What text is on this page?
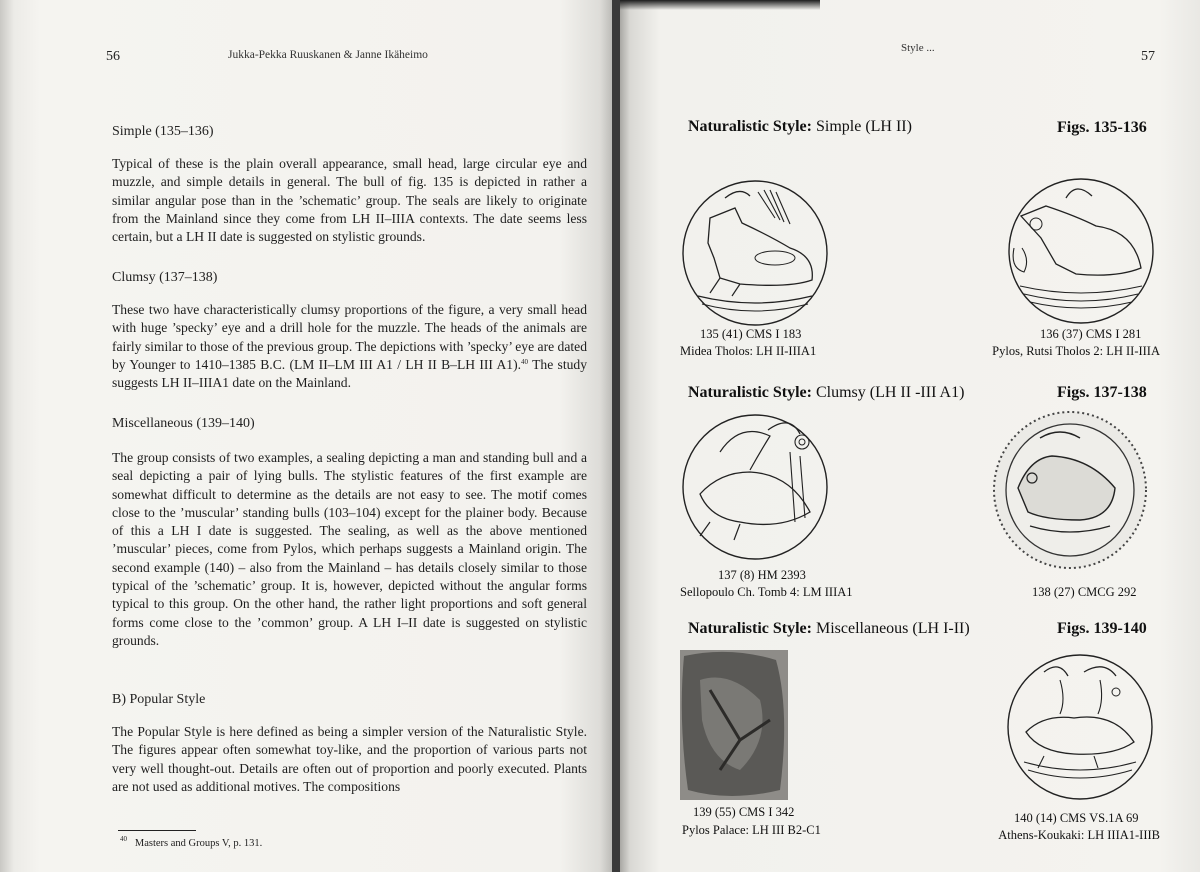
56	Jukka-Pekka Ruuskanen & Janne Ikäheimo
Simple (135–136)

Typical of these is the plain overall appearance, small head, large circular eye and muzzle, and simple details in general. The bull of fig. 135 is depicted in rather a similar angular pose than in the ’schematic’ group. The seals are likely to originate from the Mainland since they come from LH II–IIIA contexts. The date seems less certain, but a LH II date is suggested on stylistic grounds.

Clumsy (137–138)

These two have characteristically clumsy proportions of the figure, a very small head with huge ’specky’ eye and a drill hole for the muzzle. The heads of the animals are fairly similar to those of the previous group. The depictions with ’specky’ eye are dated by Younger to 1410–1385 B.C. (LM II–LM III A1 / LH II B–LH III A1).$^{40}$ The study suggests LH II–IIIA1 date on the Mainland.

Miscellaneous (139–140)

The group consists of two examples, a sealing depicting a man and standing bull and a seal depicting a pair of lying bulls. The stylistic features of the first example are somewhat difficult to determine as the details are not easy to see. The motif comes close to the ’muscular’ standing bulls (103–104) except for the plainer body. Because of this a LH I date is suggested. The sealing, as well as the above mentioned ’muscular’ pieces, come from Pylos, which perhaps suggests a Mainland origin. The second example (140) – also from the Mainland – has details closely similar to those typical of the ’schematic’ group. It is, however, depicted without the angular forms typical to this group. On the other hand, the rather light proportions and soft general forms come close to the ’common’ group. A LH I–II date is suggested on stylistic grounds.

B) Popular Style

The Popular Style is here defined as being a simpler version of the Naturalistic Style. The figures appear often somewhat toy-like, and the proportion of various parts not very well thought-out. Details are often out of proportion and poorly executed. Plants are not used as additional motives. The compositions

$^{40}$ Masters and Groups V, p. 131.
Style ...
57
Naturalistic Style: Simple (LH II)	Figs. 135-136
135 (41) CMS I 183
Midea Tholos: LH II-IIIA1
136 (37) CMS I 281
Pylos, Rutsi Tholos 2: LH II-IIIA
Naturalistic Style: Clumsy (LH II -III A1)	Figs. 137-138
137 (8) HM 2393
Sellopoulo Ch. Tomb 4: LM IIIA1	138 (27) CMCG 292
Naturalistic Style: Miscellaneous (LH I-II)	Figs. 139-140
139 (55) CMS I 342
Pylos Palace: LH III B2-C1
140 (14) CMS VS.1A 69
Athens-Koukaki: LH IIIA1-IIIB
